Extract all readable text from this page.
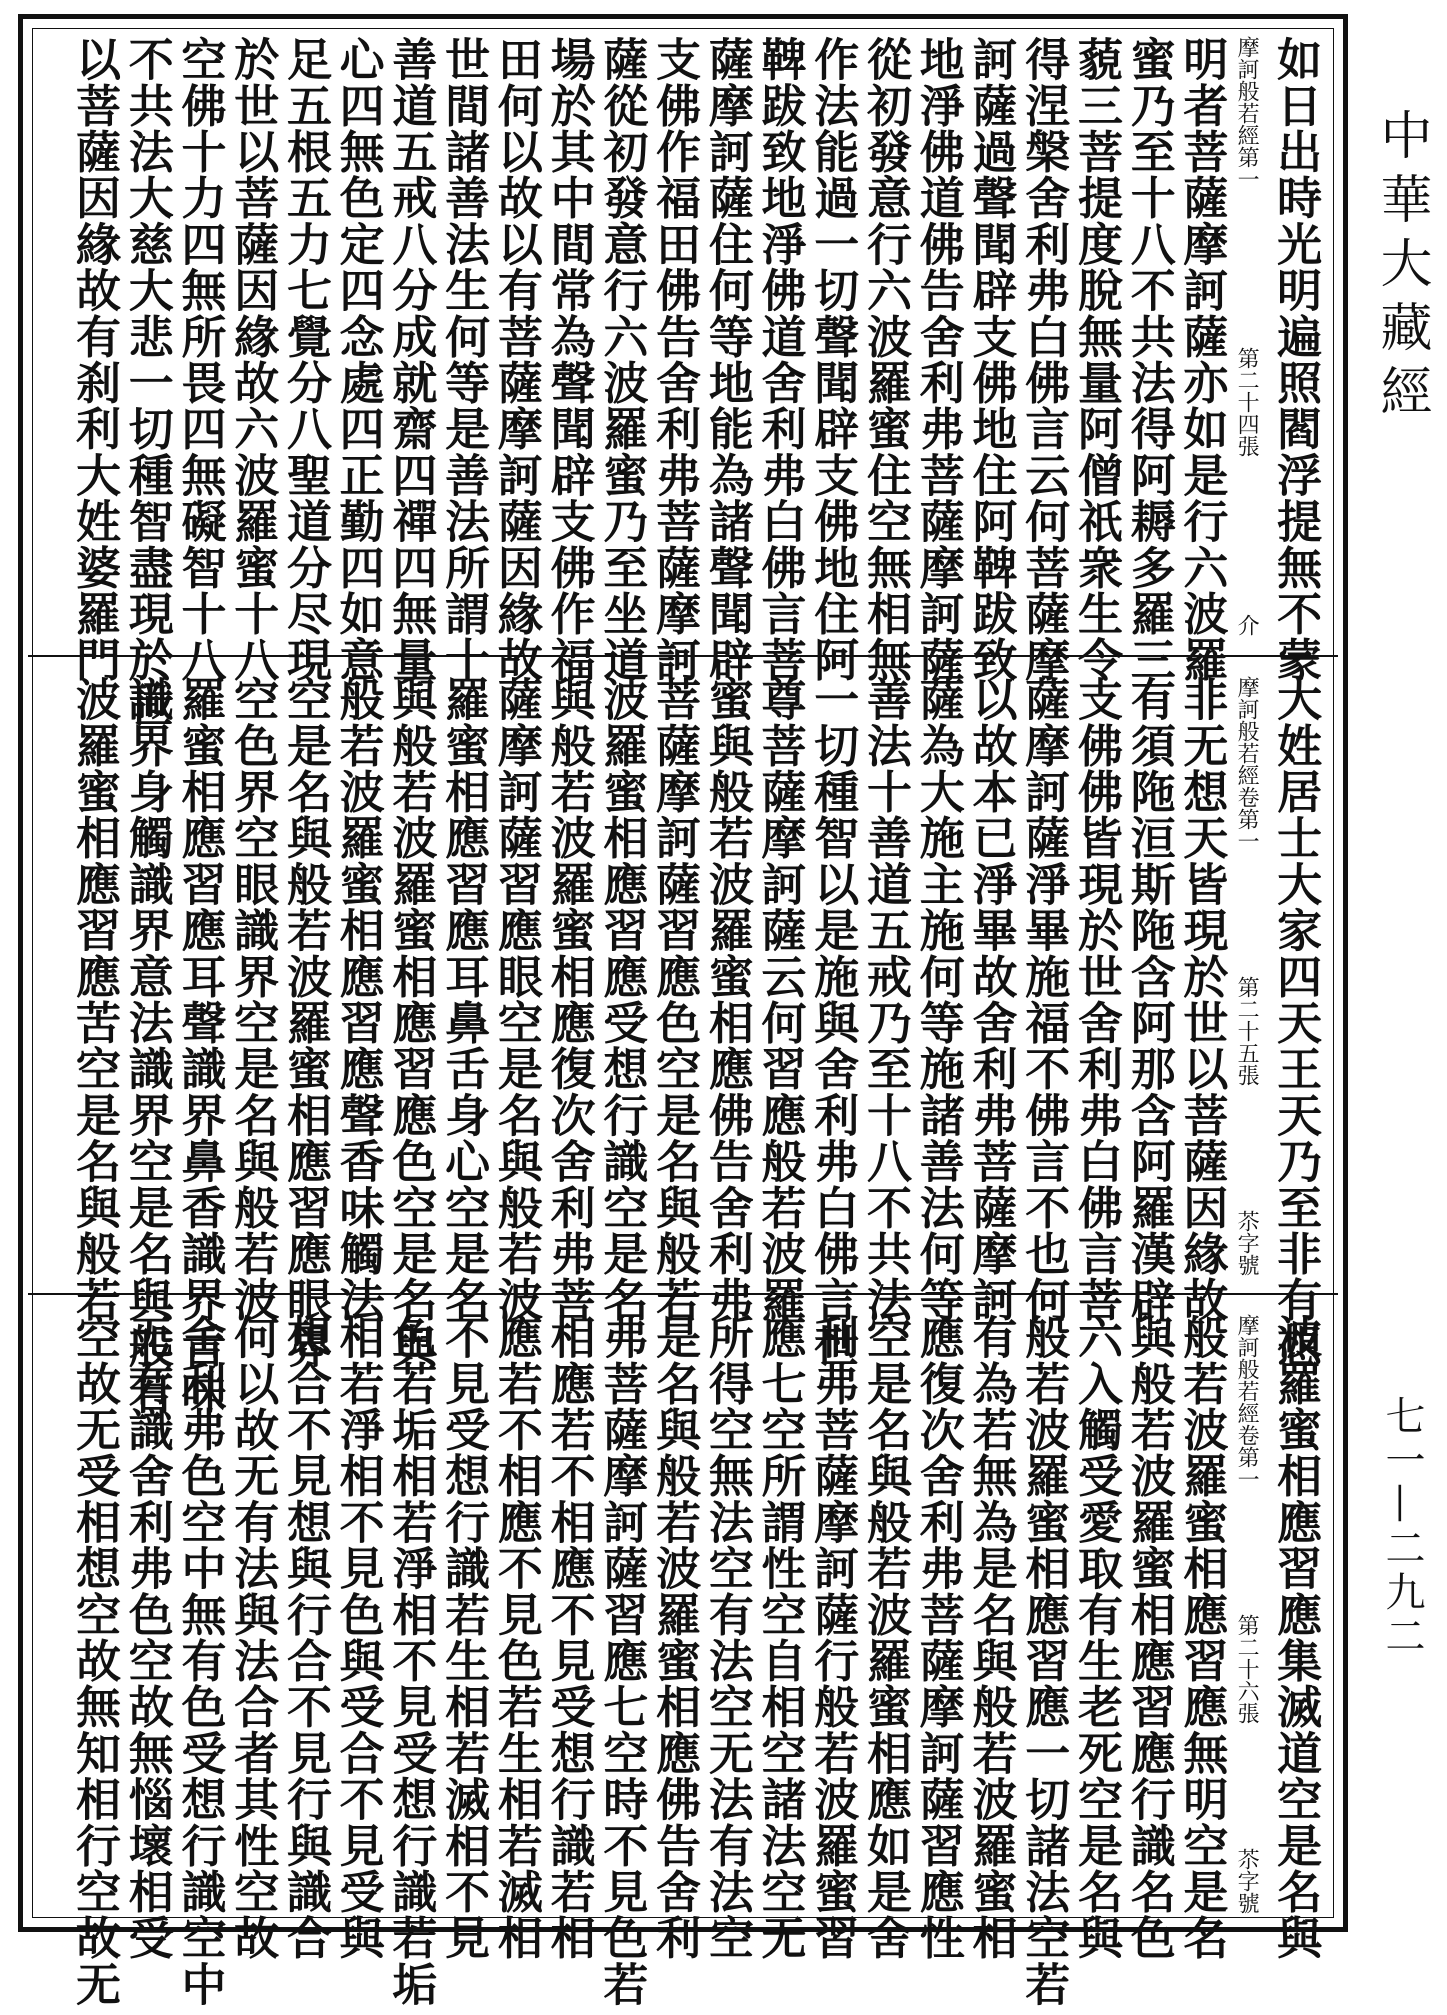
中華大藏經
七一—二九二
如日出時光明遍照閻浮提無不蒙
摩訶般若經第一
第二十四張
介
明者菩薩摩訶薩亦如是行六波羅
蜜乃至十八不共法得阿耨多羅三
藐三菩提度脫無量阿僧祇衆生令
得涅槃舍利弗白佛言云何菩薩摩
訶薩過聲聞辟支佛地住阿鞞跋致
地淨佛道佛告舍利弗菩薩摩訶薩
從初發意行六波羅蜜住空無相無
作法能過一切聲聞辟支佛地住阿
鞞跋致地淨佛道舍利弗白佛言菩
薩摩訶薩住何等地能為諸聲聞辟
支佛作福田佛告舍利弗菩薩摩訶
薩從初發意行六波羅蜜乃至坐道
場於其中間常為聲聞辟支佛作福
田何以故以有菩薩摩訶薩因緣故
世間諸善法生何等是善法所謂十
善道五戒八分成就齋四禪四無量
心四無色定四念處四正勤四如意
足五根五力七覺分八聖道分尽現
於世以菩薩因緣故六波羅蜜十八
空佛十力四無所畏四無礙智十八
不共法大慈大悲一切種智盡現於世
以菩薩因緣故有刹利大姓婆羅門
大姓居士大家四天王天乃至非有想
摩訶般若經卷第一
第二十五張
苶字號
非无想天皆現於世以菩薩因緣故
有須陁洹斯陁含阿那含阿羅漢辟
支佛佛皆現於世舍利弗白佛言菩
薩摩訶薩淨畢施福不佛言不也何
以故本已淨畢故舍利弗菩薩摩訶
薩為大施主施何等施諸善法何等
善法十善道五戒乃至十八不共法
一切種智以是施與舍利弗白佛言世
尊菩薩摩訶薩云何習應般若波羅
蜜與般若波羅蜜相應佛告舍利弗
菩薩摩訶薩習應色空是名與般若
波羅蜜相應習應受想行識空是名
與般若波羅蜜相應復次舍利弗菩
薩摩訶薩習應眼空是名與般若波
羅蜜相應習應耳鼻舌身心空是名
與般若波羅蜜相應習應色空是名與
般若波羅蜜相應習應聲香味觸法
空是名與般若波羅蜜相應習應眼界
空色界空眼識界空是名與般若波
羅蜜相應習應耳聲識界鼻香識界舌味
識界身觸識界意法識界空是名與般若
波羅蜜相應習應苦空是名與般若
波羅蜜相應習應集滅道空是名與
摩訶般若經卷第一
第二十六張
苶字號
般若波羅蜜相應習應無明空是名
與般若波羅蜜相應習應行識名色
六入觸受愛取有生老死空是名與
般若波羅蜜相應習應一切諸法空若
有為若無為是名與般若波羅蜜相
應復次舍利弗菩薩摩訶薩習應性
空是名與般若波羅蜜相應如是舍
利弗菩薩摩訶薩行般若波羅蜜習
應七空所謂性空自相空諸法空无
所得空無法空有法空无法有法空
是名與般若波羅蜜相應佛告舍利
弗菩薩摩訶薩習應七空時不見色若
相應若不相應不見受想行識若相
應若不相應不見色若生相若滅相
不見受想行識若生相若滅相不見
色若垢相若淨相不見受想行識若垢
相若淨相不見色與受合不見受與
想合不見想與行合不見行與識合
何以故无有法與法合者其性空故
舍利弗色空中無有色受想行識空中
无有識舍利弗色空故無惱壞相受
空故无受相想空故無知相行空故无
